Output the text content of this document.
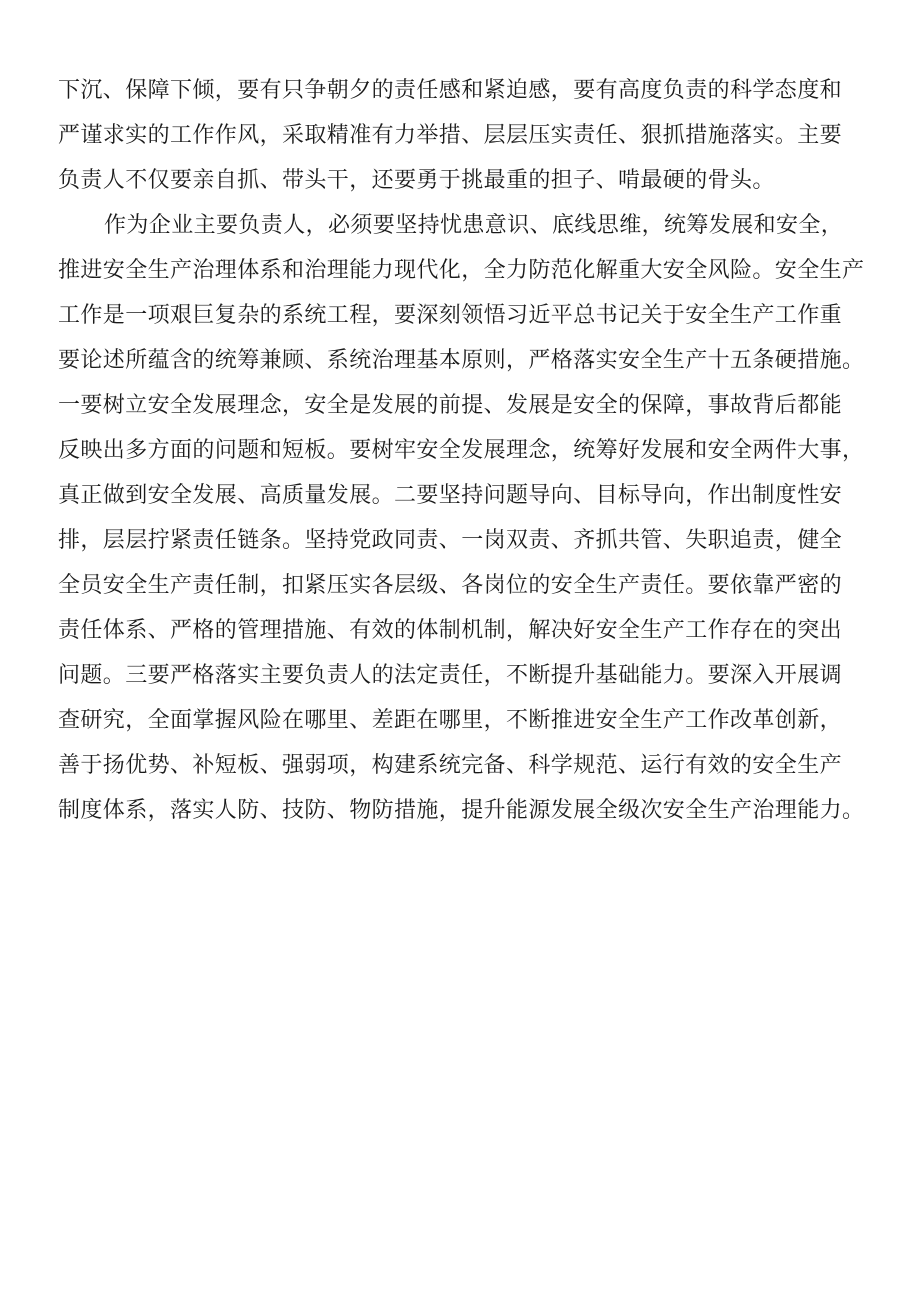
下沉、保障下倾，要有只争朝夕的责任感和紧迫感，要有高度负责的科学态度和
严谨求实的工作作风，采取精准有力举措、层层压实责任、狠抓措施落实。主要
负责人不仅要亲自抓、带头干，还要勇于挑最重的担子、啃最硬的骨头。
作为企业主要负责人，必须要坚持忧患意识、底线思维，统筹发展和安全，
推进安全生产治理体系和治理能力现代化，全力防范化解重大安全风险。安全生产
工作是一项艰巨复杂的系统工程，要深刻领悟习近平总书记关于安全生产工作重
要论述所蕴含的统筹兼顾、系统治理基本原则，严格落实安全生产十五条硬措施。
一要树立安全发展理念，安全是发展的前提、发展是安全的保障，事故背后都能
反映出多方面的问题和短板。要树牢安全发展理念，统筹好发展和安全两件大事，
真正做到安全发展、高质量发展。二要坚持问题导向、目标导向，作出制度性安
排，层层拧紧责任链条。坚持党政同责、一岗双责、齐抓共管、失职追责，健全
全员安全生产责任制，扣紧压实各层级、各岗位的安全生产责任。要依靠严密的
责任体系、严格的管理措施、有效的体制机制，解决好安全生产工作存在的突出
问题。三要严格落实主要负责人的法定责任，不断提升基础能力。要深入开展调
查研究，全面掌握风险在哪里、差距在哪里，不断推进安全生产工作改革创新，
善于扬优势、补短板、强弱项，构建系统完备、科学规范、运行有效的安全生产
制度体系，落实人防、技防、物防措施，提升能源发展全级次安全生产治理能力。
